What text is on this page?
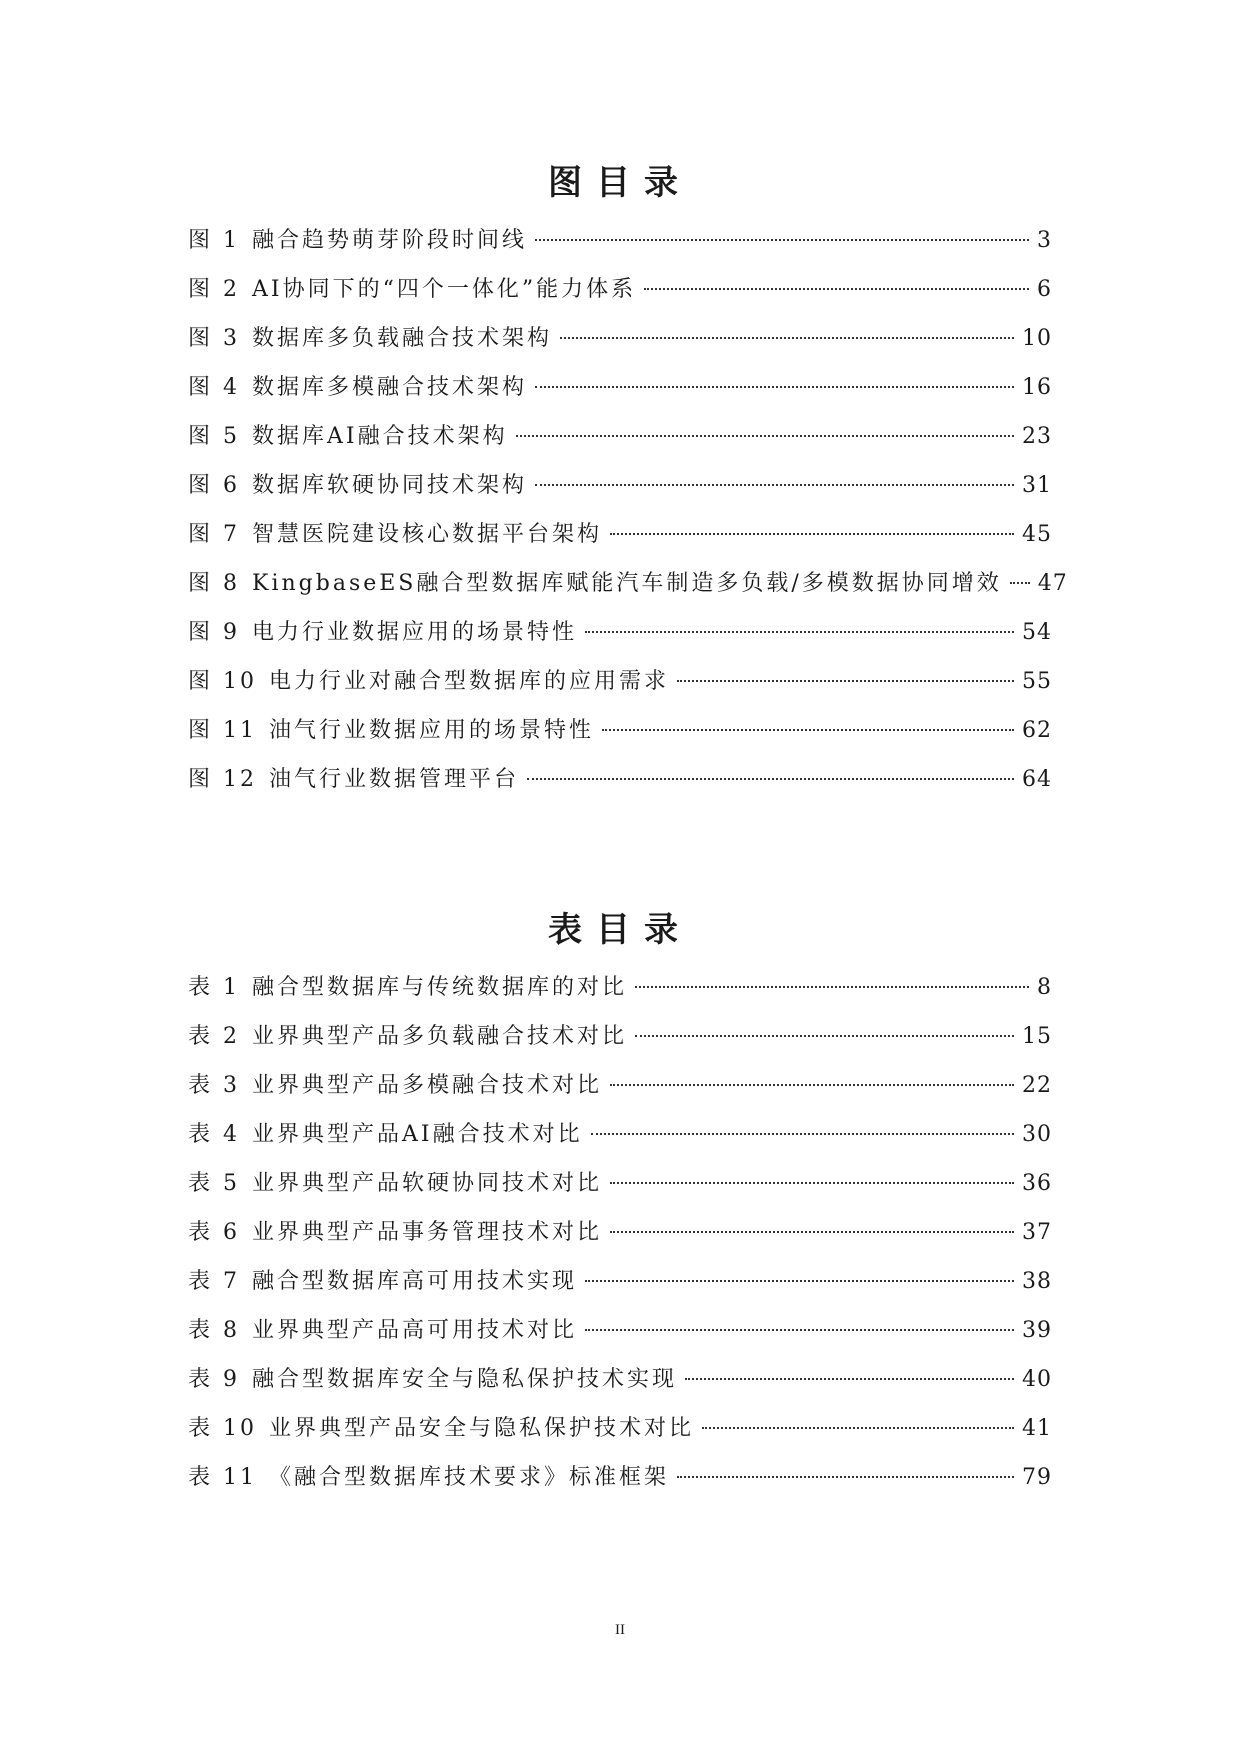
图目录
图 1 融合趋势萌芽阶段时间线	3
图 2 AI协同下的“四个一体化”能力体系	6
图 3 数据库多负载融合技术架构	10
图 4 数据库多模融合技术架构	16
图 5 数据库AI融合技术架构	23
图 6 数据库软硬协同技术架构	31
图 7 智慧医院建设核心数据平台架构	45
图 8 KingbaseES融合型数据库赋能汽车制造多负载/多模数据协同增效 47
图 9 电力行业数据应用的场景特性	54
图 10 电力行业对融合型数据库的应用需求	55
图 11 油气行业数据应用的场景特性	62
图 12 油气行业数据管理平台	64
表目录
表 1 融合型数据库与传统数据库的对比	8
表 2 业界典型产品多负载融合技术对比	15
表 3 业界典型产品多模融合技术对比	22
表 4 业界典型产品AI融合技术对比	30
表 5 业界典型产品软硬协同技术对比	36
表 6 业界典型产品事务管理技术对比	37
表 7 融合型数据库高可用技术实现	38
表 8 业界典型产品高可用技术对比	39
表 9 融合型数据库安全与隐私保护技术实现	40
表 10 业界典型产品安全与隐私保护技术对比	41
表 11 《融合型数据库技术要求》标准框架	79
II
